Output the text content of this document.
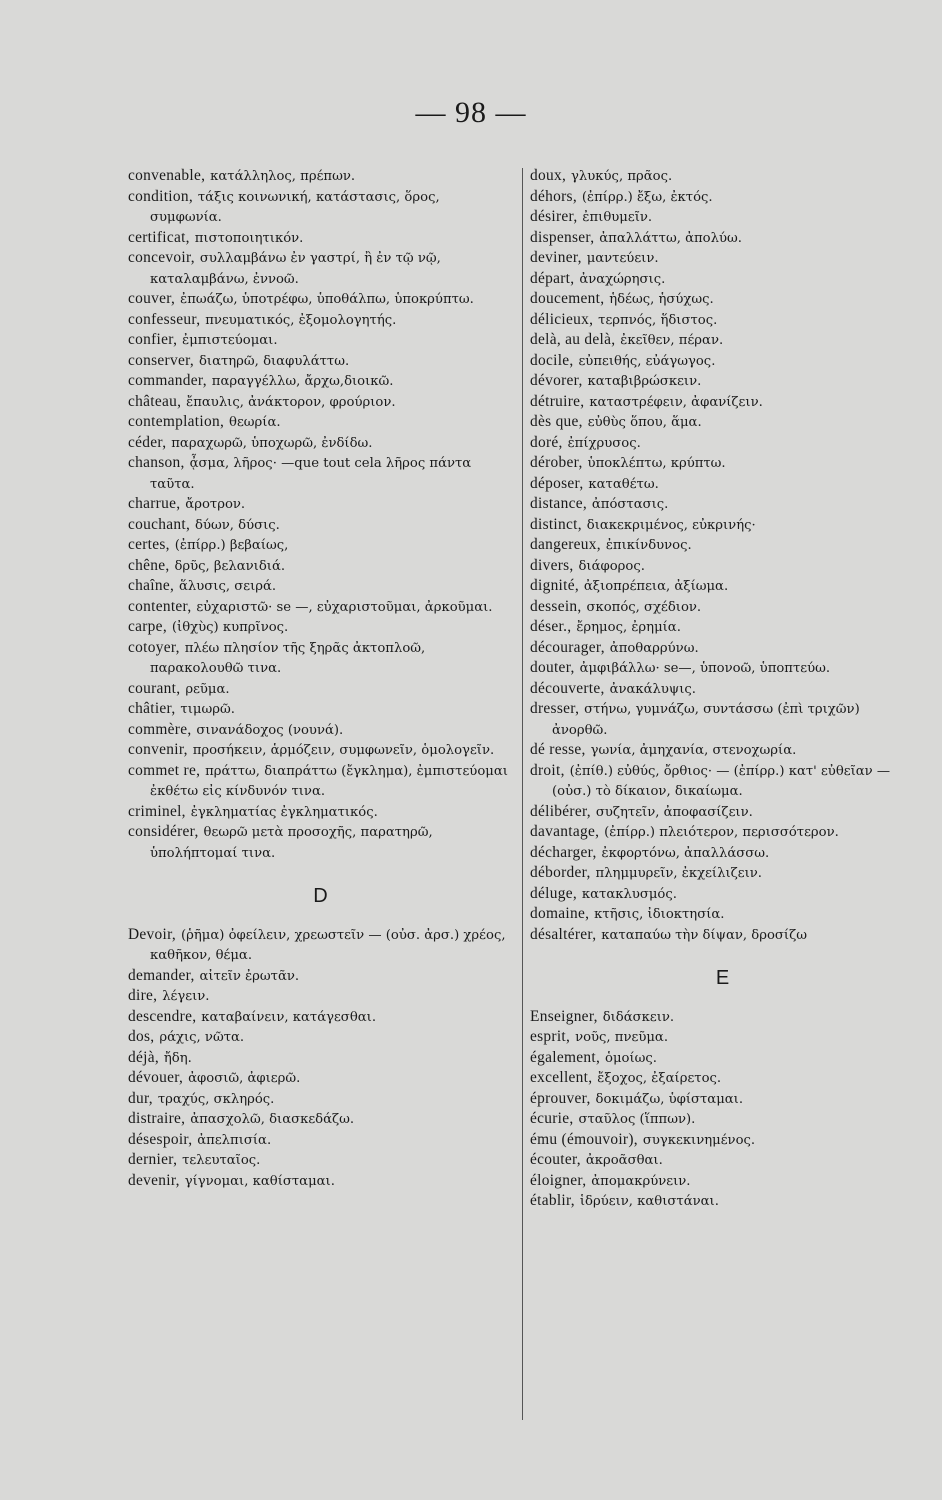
— 98 —

convenable, κατάλληλος, πρέπων.

condition, τάξις κοινωνική, κατάστασις, ὅρος, συμφωνία.

certificat, πιστοποιητικόν.

concevoir, συλλαμβάνω ἐν γαστρί, ἢ ἐν τῷ νῷ, καταλαμβάνω, ἐννοῶ.

couver, ἐπωάζω, ὑποτρέφω, ὑποθάλπω, ὑποκρύπτω.

confesseur, πνευματικός, ἐξομολογητής.

confier, ἐμπιστεύομαι.

conserver, διατηρῶ, διαφυλάττω.

commander, παραγγέλλω, ἄρχω,διοικῶ.

château, ἔπαυλις, ἀνάκτορον, φρούριον.

contemplation, θεωρία.

céder, παραχωρῶ, ὑποχωρῶ, ἐνδίδω.

chanson, ᾆσμα, λῆρος· —que tout cela λῆρος πάντα ταῦτα.

charrue, ἄροτρον.

couchant, δύων, δύσις.

certes, (ἐπίρρ.) βεβαίως,

chêne, δρῦς, βελανιδιά.

chaîne, ἅλυσις, σειρά.

contenter, εὐχαριστῶ· se —, εὐχαριστοῦμαι, ἀρκοῦμαι.

carpe, (ἰθχὺς) κυπρῖνος.

cotoyer, πλέω πλησίον τῆς ξηρᾶς ἀκτοπλοῶ, παρακολουθῶ τινα.

courant, ρεῦμα.

châtier, τιμωρῶ.

commère, σινανάδοχος (νουνά).

convenir, προσήκειν, ἁρμόζειν, συμφωνεῖν, ὁμολογεῖν.

commet re, πράττω, διαπράττω (ἔγκλημα), ἐμπιστεύομαι ἐκθέτω εἰς κίνδυνόν τινα.

criminel, ἐγκληματίας ἐγκληματικός.

considérer, θεωρῶ μετὰ προσοχῆς, παρατηρῶ, ὑπολήπτομαί τινα.

D

Devoir, (ῥῆμα) ὀφείλειν, χρεωστεῖν — (οὐσ. ἀρσ.) χρέος, καθῆκον, θέμα.

demander, αἰτεῖν ἐρωτᾶν.

dire, λέγειν.

descendre, καταβαίνειν, κατάγεσθαι.

dos, ράχις, νῶτα.

déjà, ἤδη.

dévouer, ἀφοσιῶ, ἀφιερῶ.

dur, τραχύς, σκληρός.

distraire, ἀπασχολῶ, διασκεδάζω.

désespoir, ἀπελπισία.

dernier, τελευταῖος.

devenir, γίγνομαι, καθίσταμαι.

doux, γλυκύς, πρᾶος.

déhors, (ἐπίρρ.) ἔξω, ἐκτός.

désirer, ἐπιθυμεῖν.

dispenser, ἀπαλλάττω, ἀπολύω.

deviner, μαντεύειν.

départ, ἀναχώρησις.

doucement, ἡδέως, ἡσύχως.

délicieux, τερπνός, ἥδιστος.

delà, au delà, ἐκεῖθεν, πέραν.

docile, εὐπειθής, εὐάγωγος.

dévorer, καταβιβρώσκειν.

détruire, καταστρέφειν, ἀφανίζειν.

dès que, εὐθὺς ὅπου, ἅμα.

doré, ἐπίχρυσος.

dérober, ὑποκλέπτω, κρύπτω.

déposer, καταθέτω.

distance, ἀπόστασις.

distinct, διακεκριμένος, εὐκρινής·

dangereux, ἐπικίνδυνος.

divers, διάφορος.

dignité, ἀξιοπρέπεια, ἀξίωμα.

dessein, σκοπός, σχέδιον.

déser., ἔρημος, ἐρημία.

décourager, ἀποθαρρύνω.

douter, ἀμφιβάλλω· se—, ὑπονοῶ, ὑποπτεύω.

découverte, ἀνακάλυψις.

dresser, στήνω, γυμνάζω, συντάσσω (ἐπὶ τριχῶν) ἀνορθῶ.

dé resse, γωνία, ἀμηχανία, στενοχωρία.

droit, (ἐπίθ.) εὐθύς, ὄρθιος· — (ἐπίρρ.) κατ' εὐθεῖαν — (οὐσ.) τὸ δίκαιον, δικαίωμα.

délibérer, συζητεῖν, ἀποφασίζειν.

davantage, (ἐπίρρ.) πλειότερον, περισσότερον.

décharger, ἐκφορτόνω, ἀπαλλάσσω.

déborder, πλημμυρεῖν, ἐκχείλιζειν.

déluge, κατακλυσμός.

domaine, κτῆσις, ἰδιοκτησία.

désaltérer, καταπαύω τὴν δίψαν, δροσίζω

E

Enseigner, διδάσκειν.

esprit, νοῦς, πνεῦμα.

également, ὁμοίως.

excellent, ἔξοχος, ἐξαίρετος.

éprouver, δοκιμάζω, ὑφίσταμαι.

écurie, σταῦλος (ἵππων).

ému (émouvoir), συγκεκινημένος.

écouter, ἀκροᾶσθαι.

éloigner, ἀπομακρύνειν.

établir, ἱδρύειν, καθιστάναι.
